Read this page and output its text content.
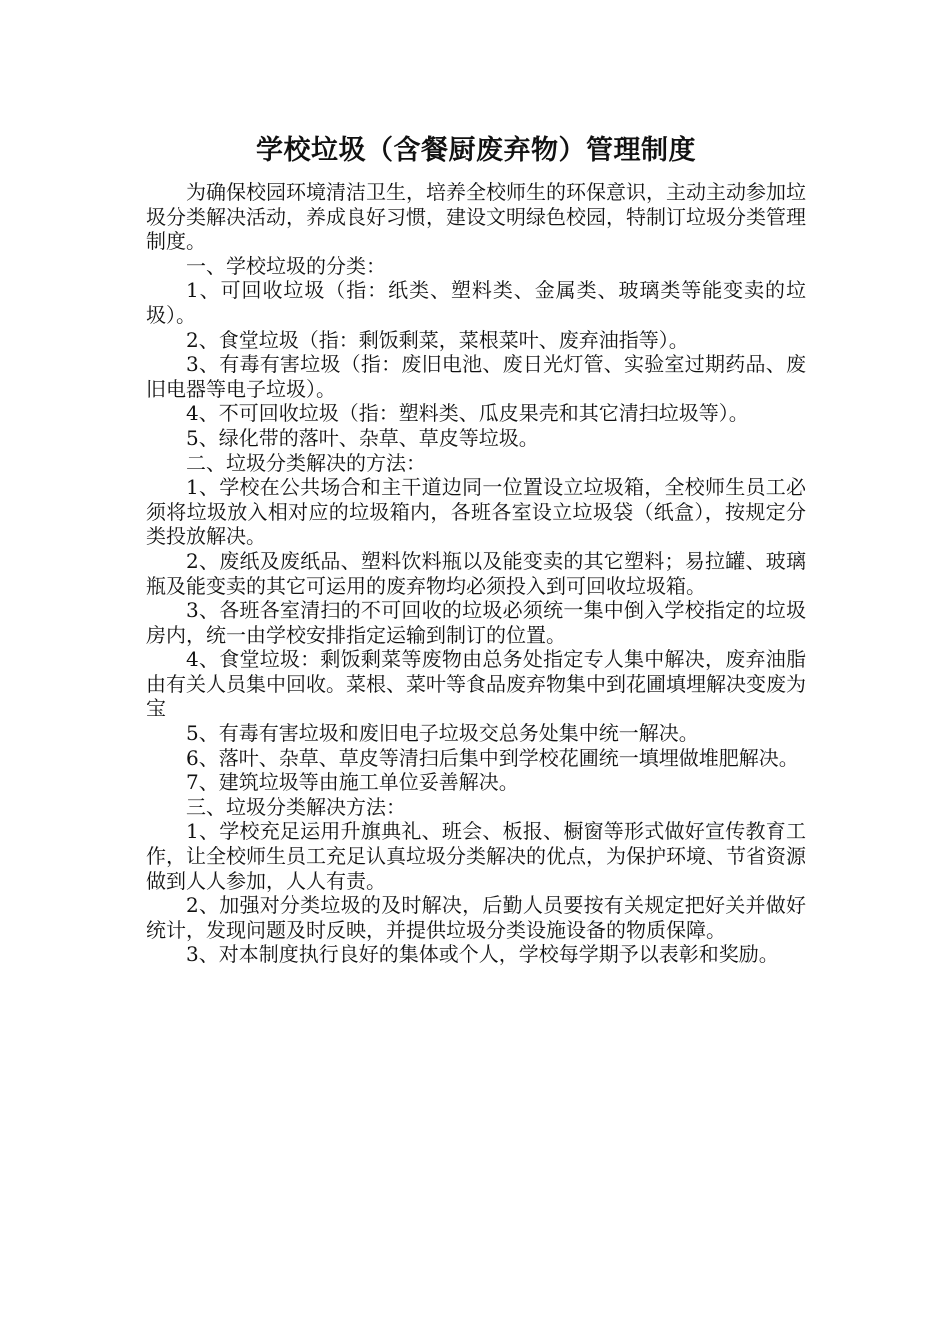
学校垃圾（含餐厨废弃物）管理制度

为确保校园环境清洁卫生，培养全校师生的环保意识，主动主动参加垃圾分类解决活动，养成良好习惯，建设文明绿色校园，特制订垃圾分类管理制度。

一、学校垃圾的分类：

1、可回收垃圾（指：纸类、塑料类、金属类、玻璃类等能变卖的垃圾）。

2、食堂垃圾（指：剩饭剩菜，菜根菜叶、废弃油指等）。

3、有毒有害垃圾（指：废旧电池、废日光灯管、实验室过期药品、废旧电器等电子垃圾）。

4、不可回收垃圾（指：塑料类、瓜皮果壳和其它清扫垃圾等）。

5、绿化带的落叶、杂草、草皮等垃圾。

二、垃圾分类解决的方法：

1、学校在公共场合和主干道边同一位置设立垃圾箱，全校师生员工必须将垃圾放入相对应的垃圾箱内，各班各室设立垃圾袋（纸盒），按规定分类投放解决。

2、废纸及废纸品、塑料饮料瓶以及能变卖的其它塑料；易拉罐、玻璃瓶及能变卖的其它可运用的废弃物均必须投入到可回收垃圾箱。

3、各班各室清扫的不可回收的垃圾必须统一集中倒入学校指定的垃圾房内，统一由学校安排指定运输到制订的位置。

4、食堂垃圾：剩饭剩菜等废物由总务处指定专人集中解决，废弃油脂由有关人员集中回收。菜根、菜叶等食品废弃物集中到花圃填埋解决变废为宝

5、有毒有害垃圾和废旧电子垃圾交总务处集中统一解决。

6、落叶、杂草、草皮等清扫后集中到学校花圃统一填埋做堆肥解决。

7、建筑垃圾等由施工单位妥善解决。

三、垃圾分类解决方法：

1、学校充足运用升旗典礼、班会、板报、橱窗等形式做好宣传教育工作，让全校师生员工充足认真垃圾分类解决的优点，为保护环境、节省资源做到人人参加，人人有责。

2、加强对分类垃圾的及时解决，后勤人员要按有关规定把好关并做好统计，发现问题及时反映，并提供垃圾分类设施设备的物质保障。

3、对本制度执行良好的集体或个人，学校每学期予以表彰和奖励。
